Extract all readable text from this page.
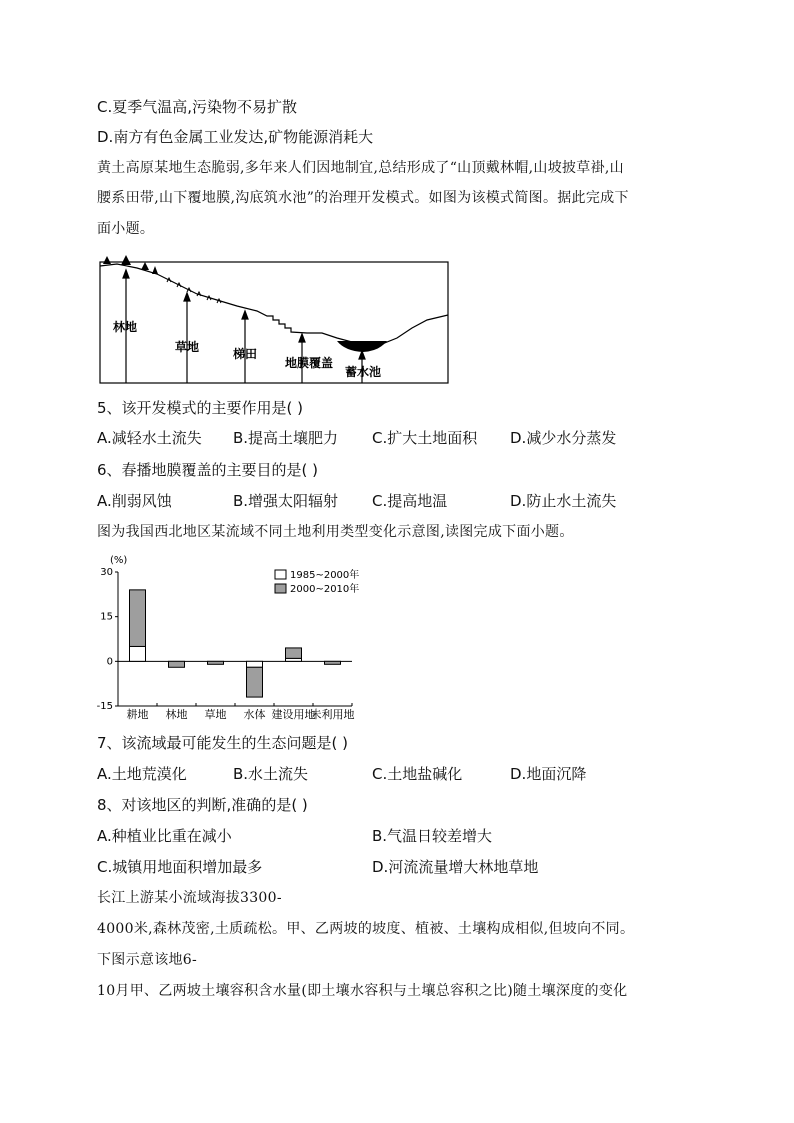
C.夏季气温高,污染物不易扩散
D.南方有色金属工业发达,矿物能源消耗大
黄土高原某地生态脆弱,多年来人们因地制宜,总结形成了“山顶戴林帽,山坡披草褂,山
腰系田带,山下覆地膜,沟底筑水池”的治理开发模式。如图为该模式简图。据此完成下
面小题。
林地
草地	梯田
地膜覆盖
蓄水池
5、该开发模式的主要作用是( )
A.减轻水土流失 B.提高土壤肥力 C.扩大土地面积 D.减少水分蒸发
6、春播地膜覆盖的主要目的是( )
A.削弱风蚀	B.增强太阳辐射 C.提高地温	D.防止水土流失
图为我国西北地区某流域不同土地利用类型变化示意图,读图完成下面小题。
(%)
30
15
0
-15
耕地 林地 草地 水体 建设用地
未利用地
1985~2000年
2000~2010年
7、该流域最可能发生的生态问题是( )
A.土地荒漠化	B.水土流失	C.土地盐碱化	D.地面沉降
8、对该地区的判断,准确的是( )
A.种植业比重在减小	B.气温日较差增大
C.城镇用地面积增加最多	D.河流流量增大林地草地
长江上游某小流域海拔3300-
4000米,森林茂密,土质疏松。甲、乙两坡的坡度、植被、土壤构成相似,但坡向不同。
下图示意该地6-
10月甲、乙两坡土壤容积含水量(即土壤水容积与土壤总容积之比)随土壤深度的变化
